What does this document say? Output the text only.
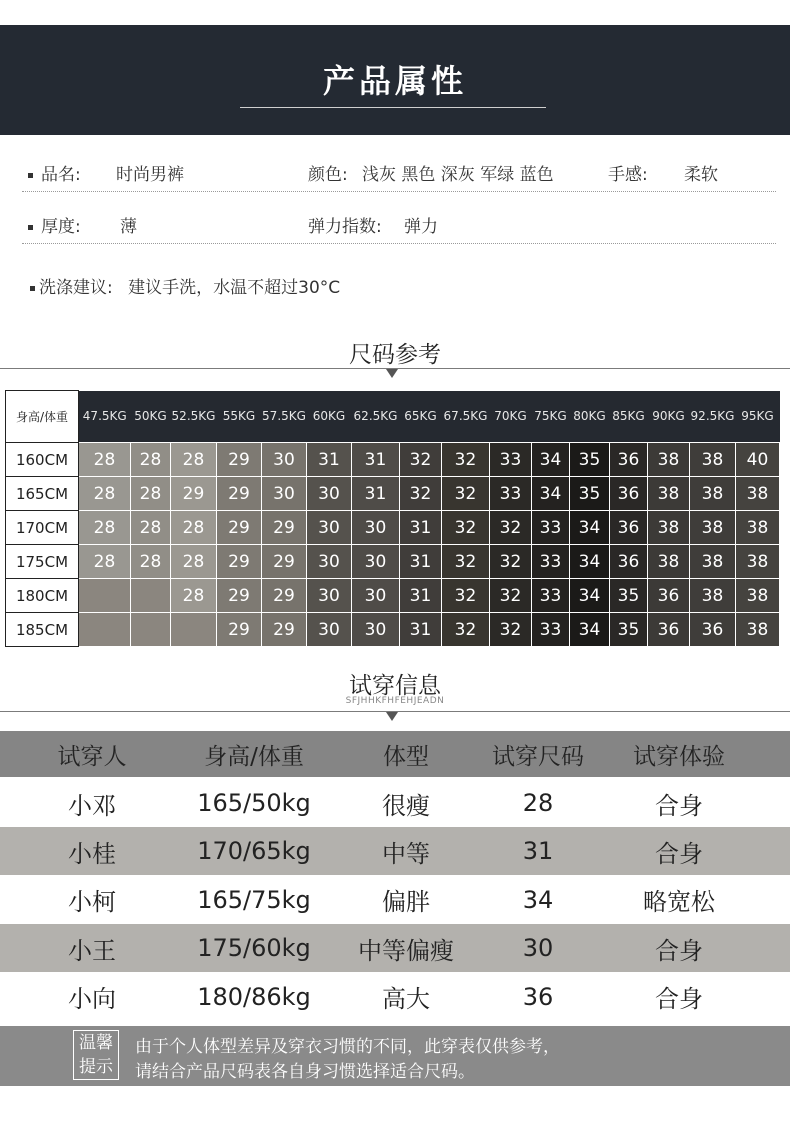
产品属性
品名: 时尚男裤	颜色: 浅灰 黑色 深灰 军绿 蓝色	手感: 柔软
厚度: 薄	弹力指数: 弹力
洗涤建议: 建议手洗，水温不超过30°C
尺码参考
身高/体重	47.5KG	50KG	52.5KG	55KG	57.5KG	60KG	62.5KG	65KG	67.5KG	70KG	75KG	80KG	85KG	90KG	92.5KG	95KG
160CM	28	28	28	29	30	31	31	32	32	33	34	35	36	38	38	40
165CM	28	28	29	29	30	30	31	32	32	33	34	35	36	38	38	38
170CM	28	28	28	29	29	30	30	31	32	32	33	34	36	38	38	38
175CM	28	28	28	29	29	30	30	31	32	32	33	34	36	38	38	38
180CM			28	29	29	30	30	31	32	32	33	34	35	36	38	38
185CM				29	29	30	30	31	32	32	33	34	35	36	36	38
试穿信息
SFJHHKFHFEHJEADN
试穿人	身高/体重	体型	试穿尺码	试穿体验
小邓	165/50kg	很瘦	28	合身
小桂	170/65kg	中等	31	合身
小柯	165/75kg	偏胖	34	略宽松
小王	175/60kg	中等偏瘦	30	合身
小向	180/86kg	高大	36	合身
温馨
提示
由于个人体型差异及穿衣习惯的不同，此穿表仅供参考，
请结合产品尺码表各自身习惯选择适合尺码。
